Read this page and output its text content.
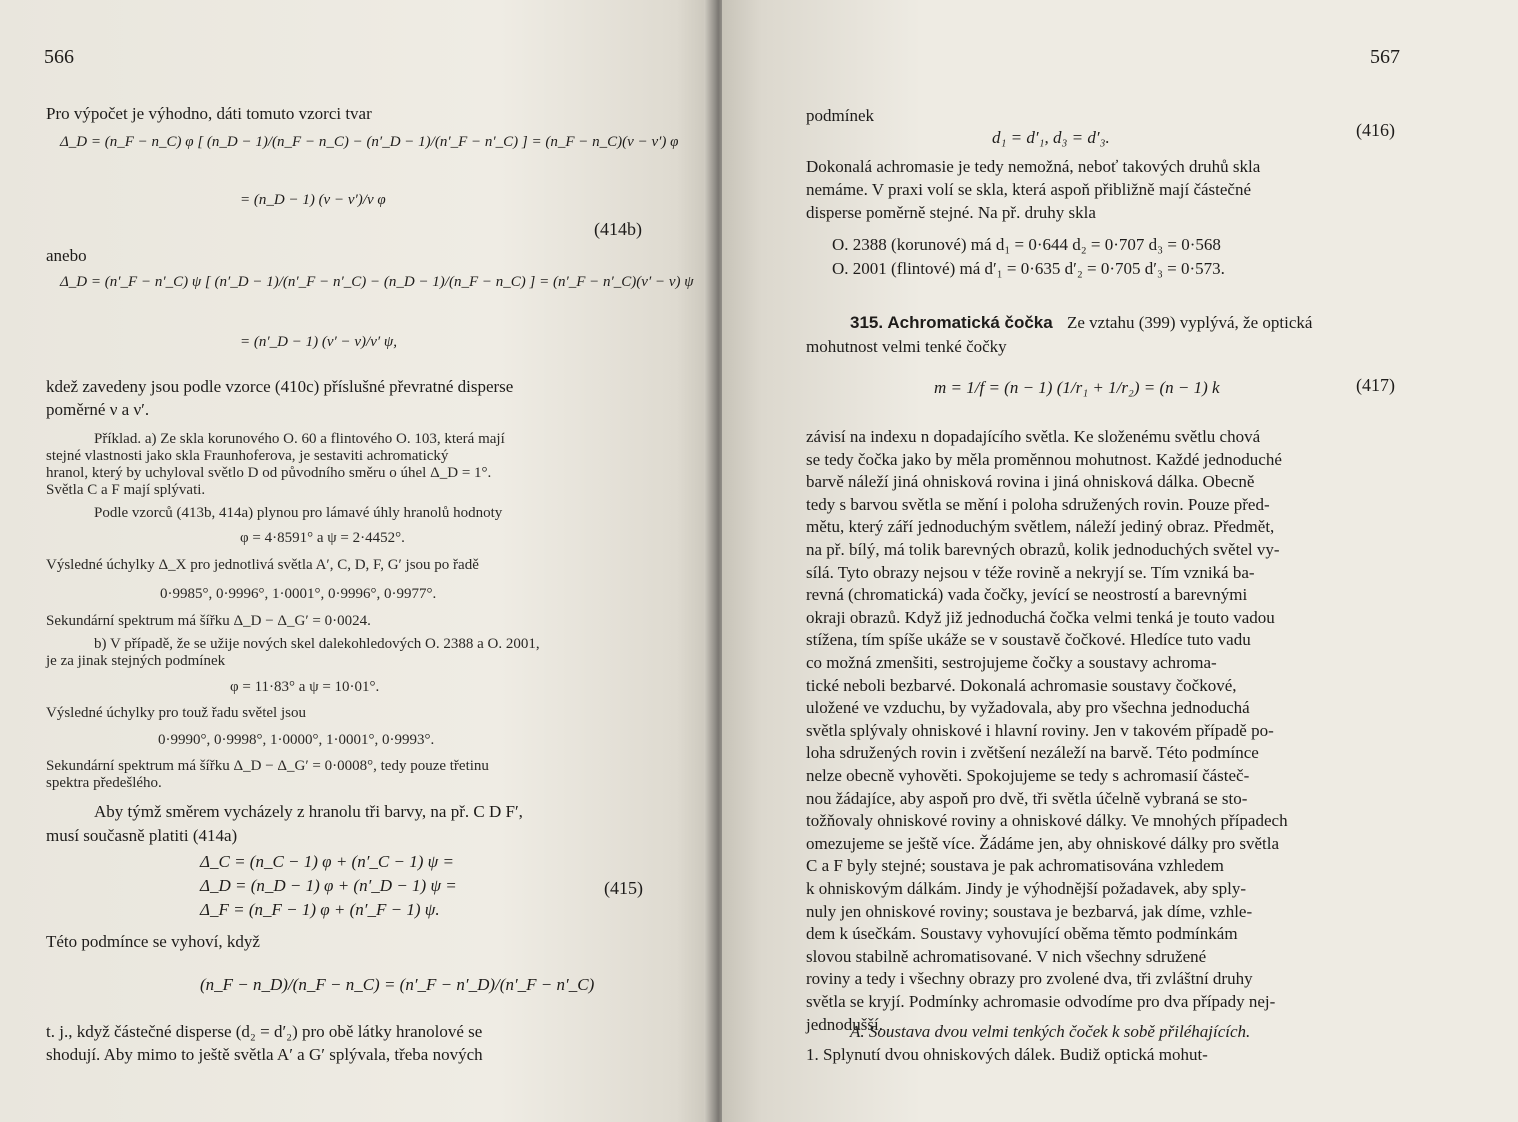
566
Pro výpočet je výhodno, dáti tomuto vzorci tvar
Δ_D = (n_F − n_C) φ [ (n_D − 1)/(n_F − n_C) − (n′_D − 1)/(n′_F − n′_C) ] = (n_F − n_C)(ν − ν′) φ
= (n_D − 1) (ν − ν′)/ν φ
(414b)
anebo
Δ_D = (n′_F − n′_C) ψ [ (n′_D − 1)/(n′_F − n′_C) − (n_D − 1)/(n_F − n_C) ] = (n′_F − n′_C)(ν′ − ν) ψ
= (n′_D − 1) (ν′ − ν)/ν′ ψ,
kdež zavedeny jsou podle vzorce (410c) příslušné převratné disperse
poměrné ν a ν′.
Příklad. a) Ze skla korunového O. 60 a flintového O. 103, která mají
stejné vlastnosti jako skla Fraunhoferova, je sestaviti achromatický
hranol, který by uchyloval světlo D od původního směru o úhel Δ_D = 1°.
Světla C a F mají splývati.
Podle vzorců (413b, 414a) plynou pro lámavé úhly hranolů hodnoty
φ = 4·8591° a ψ = 2·4452°.
Výsledné úchylky Δ_X pro jednotlivá světla A′, C, D, F, G′ jsou po řadě
0·9985°, 0·9996°, 1·0001°, 0·9996°, 0·9977°.
Sekundární spektrum má šířku Δ_D − Δ_G′ = 0·0024.
b) V případě, že se užije nových skel dalekohledových O. 2388 a O. 2001,
je za jinak stejných podmínek
φ = 11·83° a ψ = 10·01°.
Výsledné úchylky pro touž řadu světel jsou
0·9990°, 0·9998°, 1·0000°, 1·0001°, 0·9993°.
Sekundární spektrum má šířku Δ_D − Δ_G′ = 0·0008°, tedy pouze třetinu
spektra předešlého.
Aby týmž směrem vycházely z hranolu tři barvy, na př. C D F′,
musí současně platiti (414a)
Δ_C = (n_C − 1) φ + (n′_C − 1) ψ =
Δ_D = (n_D − 1) φ + (n′_D − 1) ψ =
Δ_F = (n_F − 1) φ + (n′_F − 1) ψ.
(415)
Této podmínce se vyhoví, když
(n_F − n_D)/(n_F − n_C) = (n′_F − n′_D)/(n′_F − n′_C)
t. j., když částečné disperse (d₂ = d′₂) pro obě látky hranolové se
shodují. Aby mimo to ještě světla A′ a G′ splývala, třeba nových
567
podmínek
d₁ = d′₁, d₃ = d′₃.	(416)
Dokonalá achromasie je tedy nemožná, neboť takových druhů skla
nemáme. V praxi volí se skla, která aspoň přibližně mají částečné
disperse poměrně stejné. Na př. druhy skla
O. 2388 (korunové) má d₁ = 0·644 d₂ = 0·707 d₃ = 0·568
O. 2001 (flintové) má d′₁ = 0·635 d′₂ = 0·705 d′₃ = 0·573.
315. Achromatická čočka Ze vztahu (399) vyplývá, že optická
mohutnost velmi tenké čočky
m = 1/f = (n − 1) (1/r₁ + 1/r₂) = (n − 1) k	(417)
závisí na indexu n dopadajícího světla. Ke složenému světlu chová
se tedy čočka jako by měla proměnnou mohutnost. Každé jednoduché
barvě náleží jiná ohnisková rovina i jiná ohnisková dálka. Obecně
tedy s barvou světla se mění i poloha sdružených rovin. Pouze před-
mětu, který září jednoduchým světlem, náleží jediný obraz. Předmět,
na př. bílý, má tolik barevných obrazů, kolik jednoduchých světel vy-
sílá. Tyto obrazy nejsou v téže rovině a nekryjí se. Tím vzniká ba-
revná (chromatická) vada čočky, jevící se neostrostí a barevnými
okraji obrazů. Když již jednoduchá čočka velmi tenká je touto vadou
stížena, tím spíše ukáže se v soustavě čočkové. Hledíce tuto vadu
co možná zmenšiti, sestrojujeme čočky a soustavy achroma-
tické neboli bezbarvé. Dokonalá achromasie soustavy čočkové,
uložené ve vzduchu, by vyžadovala, aby pro všechna jednoduchá
světla splývaly ohniskové i hlavní roviny. Jen v takovém případě po-
loha sdružených rovin i zvětšení nezáleží na barvě. Této podmínce
nelze obecně vyhověti. Spokojujeme se tedy s achromasií částeč-
nou žádajíce, aby aspoň pro dvě, tři světla účelně vybraná se sto-
tožňovaly ohniskové roviny a ohniskové dálky. Ve mnohých případech
omezujeme se ještě více. Žádáme jen, aby ohniskové dálky pro světla
C a F byly stejné; soustava je pak achromatisována vzhledem
k ohniskovým dálkám. Jindy je výhodnější požadavek, aby sply-
nuly jen ohniskové roviny; soustava je bezbarvá, jak díme, vzhle-
dem k úsečkám. Soustavy vyhovující oběma těmto podmínkám
slovou stabilně achromatisované. V nich všechny sdružené
roviny a tedy i všechny obrazy pro zvolené dva, tři zvláštní druhy
světla se kryjí. Podmínky achromasie odvodíme pro dva případy nej-
jednodušší.
A. Soustava dvou velmi tenkých čoček k sobě přiléhajících.
1. Splynutí dvou ohniskových dálek. Budiž optická mohut-
